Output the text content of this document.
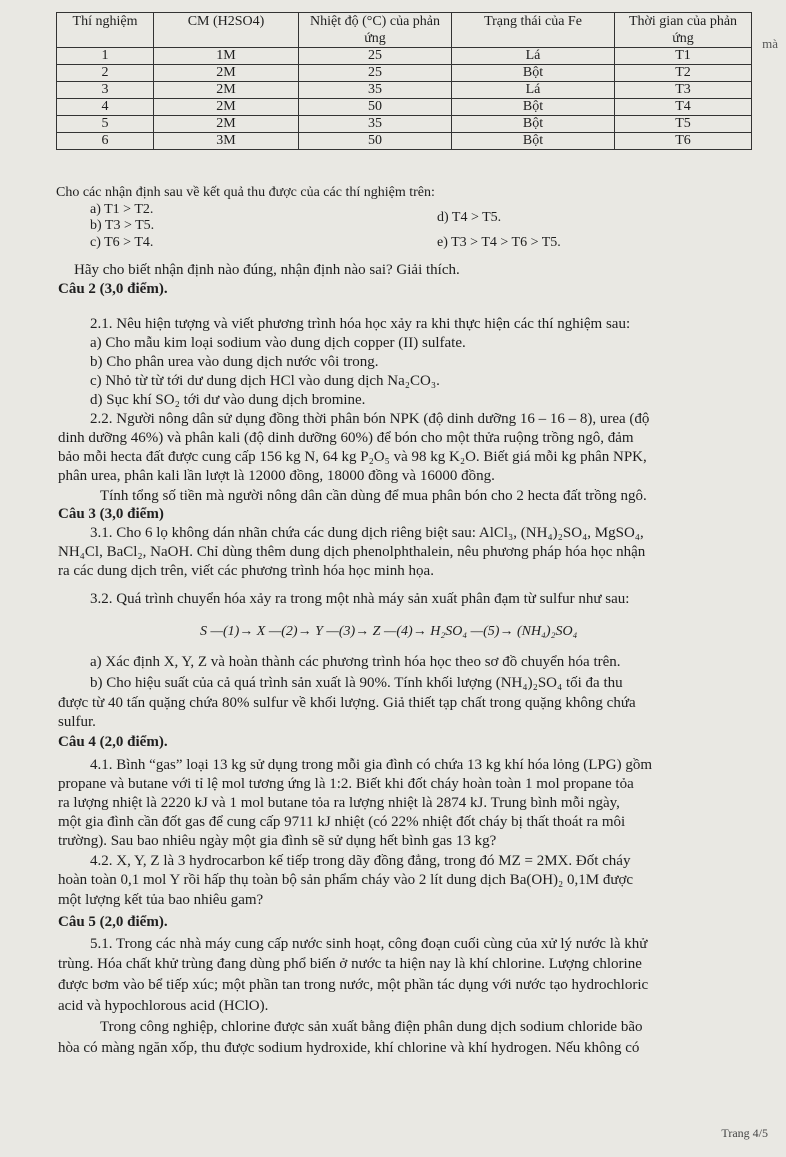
Thí nghiệm	CM (H2SO4)	Nhiệt độ (°C) của phản ứng	Trạng thái của Fe	Thời gian của phản ứng
1	1M	25	Lá	T1
2	2M	25	Bột	T2
3	2M	35	Lá	T3
4	2M	50	Bột	T4
5	2M	35	Bột	T5
6	3M	50	Bột	T6
mà
Cho các nhận định sau về kết quả thu được của các thí nghiệm trên:
a) T1 > T2.
b) T3 > T5.
c) T6 > T4.
d) T4 > T5.
e) T3 > T4 > T6 > T5.
Hãy cho biết nhận định nào đúng, nhận định nào sai? Giải thích.
Câu 2 (3,0 điểm).
2.1. Nêu hiện tượng và viết phương trình hóa học xảy ra khi thực hiện các thí nghiệm sau:
a) Cho mẫu kim loại sodium vào dung dịch copper (II) sulfate.
b) Cho phân urea vào dung dịch nước vôi trong.
c) Nhỏ từ từ tới dư dung dịch HCl vào dung dịch Na₂CO₃.
d) Sục khí SO₂ tới dư vào dung dịch bromine.
2.2. Người nông dân sử dụng đồng thời phân bón NPK (độ dinh dưỡng 16 – 16 – 8), urea (độ
dinh dưỡng 46%) và phân kali (độ dinh dưỡng 60%) để bón cho một thửa ruộng trồng ngô, đảm
bảo mỗi hecta đất được cung cấp 156 kg N, 64 kg P₂O₅ và 98 kg K₂O. Biết giá mỗi kg phân NPK,
phân urea, phân kali lần lượt là 12000 đồng, 18000 đồng và 16000 đồng.
Tính tổng số tiền mà người nông dân cần dùng để mua phân bón cho 2 hecta đất trồng ngô.
Câu 3 (3,0 điểm)
3.1. Cho 6 lọ không dán nhãn chứa các dung dịch riêng biệt sau: AlCl₃, (NH₄)₂SO₄, MgSO₄,
NH₄Cl, BaCl₂, NaOH. Chỉ dùng thêm dung dịch phenolphthalein, nêu phương pháp hóa học nhận
ra các dung dịch trên, viết các phương trình hóa học minh họa.
3.2. Quá trình chuyển hóa xảy ra trong một nhà máy sản xuất phân đạm từ sulfur như sau:
S —(1)→ X —(2)→ Y —(3)→ Z —(4)→ H₂SO₄ —(5)→ (NH₄)₂SO₄
a) Xác định X, Y, Z và hoàn thành các phương trình hóa học theo sơ đồ chuyển hóa trên.
b) Cho hiệu suất của cả quá trình sản xuất là 90%. Tính khối lượng (NH₄)₂SO₄ tối đa thu
được từ 40 tấn quặng chứa 80% sulfur về khối lượng. Giả thiết tạp chất trong quặng không chứa
sulfur.
Câu 4 (2,0 điểm).
4.1. Bình “gas” loại 13 kg sử dụng trong mỗi gia đình có chứa 13 kg khí hóa lỏng (LPG) gồm
propane và butane với tỉ lệ mol tương ứng là 1:2. Biết khi đốt cháy hoàn toàn 1 mol propane tỏa
ra lượng nhiệt là 2220 kJ và 1 mol butane tỏa ra lượng nhiệt là 2874 kJ. Trung bình mỗi ngày,
một gia đình cần đốt gas để cung cấp 9711 kJ nhiệt (có 22% nhiệt đốt cháy bị thất thoát ra môi
trường). Sau bao nhiêu ngày một gia đình sẽ sử dụng hết bình gas 13 kg?
4.2. X, Y, Z là 3 hydrocarbon kế tiếp trong dãy đồng đẳng, trong đó MZ = 2MX. Đốt cháy
hoàn toàn 0,1 mol Y rồi hấp thụ toàn bộ sản phẩm cháy vào 2 lít dung dịch Ba(OH)₂ 0,1M được
một lượng kết tủa bao nhiêu gam?
Câu 5 (2,0 điểm).
5.1. Trong các nhà máy cung cấp nước sinh hoạt, công đoạn cuối cùng của xử lý nước là khử
trùng. Hóa chất khử trùng đang dùng phổ biến ở nước ta hiện nay là khí chlorine. Lượng chlorine
được bơm vào bể tiếp xúc; một phần tan trong nước, một phần tác dụng với nước tạo hydrochloric
acid và hypochlorous acid (HClO).
Trong công nghiệp, chlorine được sản xuất bằng điện phân dung dịch sodium chloride bão
hòa có màng ngăn xốp, thu được sodium hydroxide, khí chlorine và khí hydrogen. Nếu không có
Trang 4/5
